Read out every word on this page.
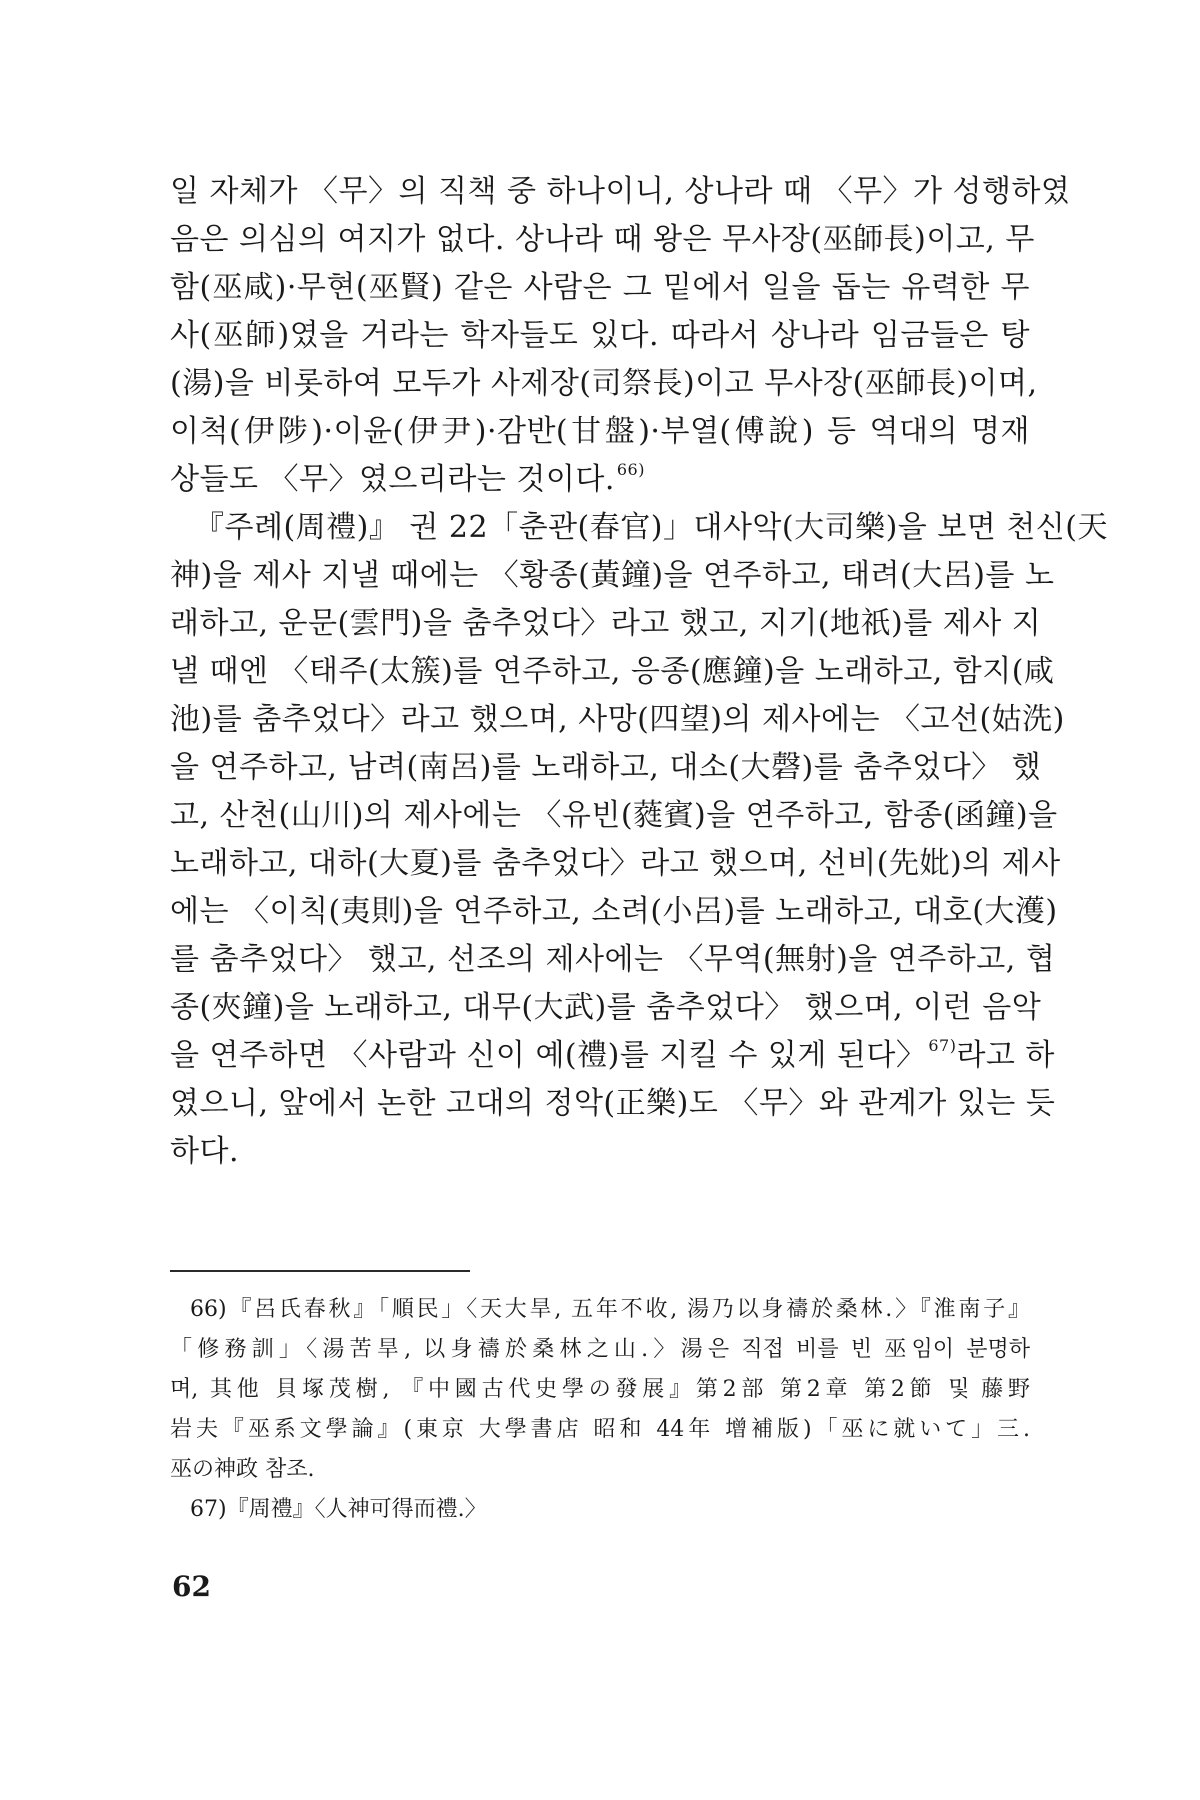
일 자체가 〈무〉의 직책 중 하나이니, 상나라 때 〈무〉가 성행하였
음은 의심의 여지가 없다. 상나라 때 왕은 무사장(巫師長)이고, 무
함(巫咸)·무현(巫賢) 같은 사람은 그 밑에서 일을 돕는 유력한 무
사(巫師)였을 거라는 학자들도 있다. 따라서 상나라 임금들은 탕
(湯)을 비롯하여 모두가 사제장(司祭長)이고 무사장(巫師長)이며,
이척(伊陟)·이윤(伊尹)·감반(甘盤)·부열(傅說) 등 역대의 명재
상들도 〈무〉였으리라는 것이다. $^{66)}$
『주례(周禮)』 권 22「춘관(春官)」대사악(大司樂)을 보면 천신(天
神)을 제사 지낼 때에는 〈황종(黃鐘)을 연주하고, 태려(大呂)를 노
래하고, 운문(雲門)을 춤추었다〉라고 했고, 지기(地祇)를 제사 지
낼 때엔 〈태주(太簇)를 연주하고, 응종(應鐘)을 노래하고, 함지(咸
池)를 춤추었다〉라고 했으며, 사망(四望)의 제사에는 〈고선(姑洗)
을 연주하고, 남려(南呂)를 노래하고, 대소(大磬)를 춤추었다〉 했
고, 산천(山川)의 제사에는 〈유빈(蕤賓)을 연주하고, 함종(函鐘)을
노래하고, 대하(大夏)를 춤추었다〉라고 했으며, 선비(先妣)의 제사
에는 〈이칙(夷則)을 연주하고, 소려(小呂)를 노래하고, 대호(大濩)
를 춤추었다〉 했고, 선조의 제사에는 〈무역(無射)을 연주하고, 협
종(夾鐘)을 노래하고, 대무(大武)를 춤추었다〉 했으며, 이런 음악
을 연주하면 〈사람과 신이 예(禮)를 지킬 수 있게 된다〉 $^{67)}$라고 하
였으니, 앞에서 논한 고대의 정악(正樂)도 〈무〉와 관계가 있는 듯
하다.
66)『呂氏春秋』「順民」〈天大旱, 五年不收, 湯乃以身禱於桑林.〉『淮南子』
「修務訓」〈湯苦旱, 以身禱於桑林之山.〉湯은 직접 비를 빈 巫임이 분명하
며, 其他 貝塚茂樹, 『中國古代史學の發展』第2部 第2章 第2節 및 藤野
岩夫『巫系文學論』(東京 大學書店 昭和 44年 增補版)「巫に就いて」三.
巫の神政 참조.
67)『周禮』〈人神可得而禮.〉
62
